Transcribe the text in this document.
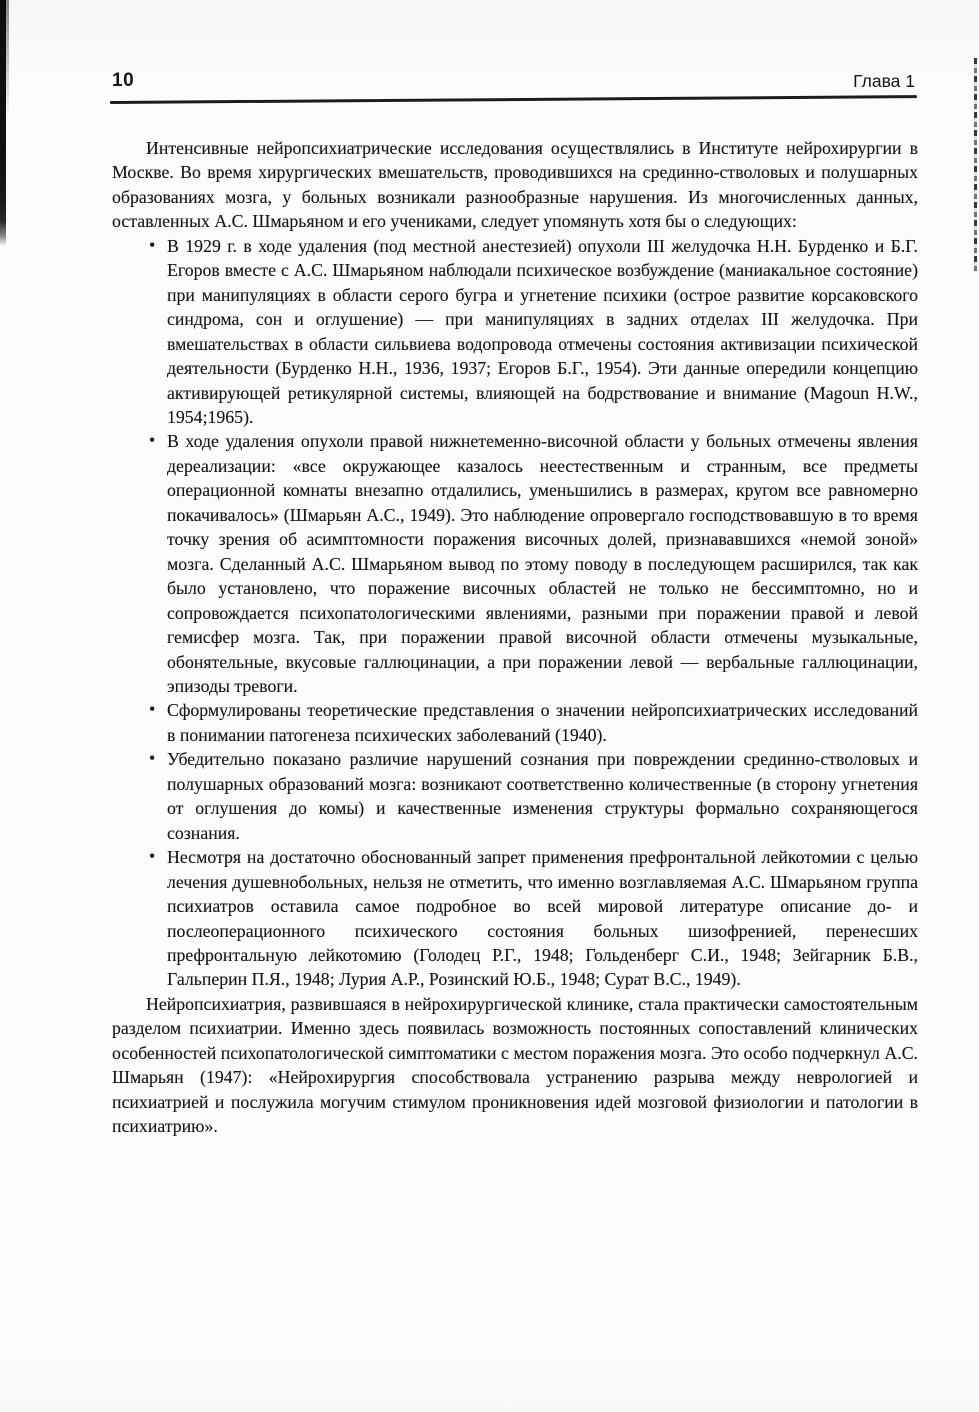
10	Глава 1

Интенсивные нейропсихиатрические исследования осуществлялись в Институте нейрохирургии в Москве. Во время хирургических вмешательств, проводившихся на срединно-стволовых и полушарных образованиях мозга, у больных возникали разнообразные нарушения. Из многочисленных данных, оставленных А.С. Шмарьяном и его учениками, следует упомянуть хотя бы о следующих:

• В 1929 г. в ходе удаления (под местной анестезией) опухоли III желудочка Н.Н. Бурденко и Б.Г. Егоров вместе с А.С. Шмарьяном наблюдали психическое возбуждение (маниакальное состояние) при манипуляциях в области серого бугра и угнетение психики (острое развитие корсаковского синдрома, сон и оглушение) — при манипуляциях в задних отделах III желудочка. При вмешательствах в области сильвиева водопровода отмечены состояния активизации психической деятельности (Бурденко Н.Н., 1936, 1937; Егоров Б.Г., 1954). Эти данные опередили концепцию активирующей ретикулярной системы, влияющей на бодрствование и внимание (Magoun H.W., 1954;1965).
• В ходе удаления опухоли правой нижнетеменно-височной области у больных отмечены явления дереализации: «все окружающее казалось неестественным и странным, все предметы операционной комнаты внезапно отдалились, уменьшились в размерах, кругом все равномерно покачивалось» (Шмарьян А.С., 1949). Это наблюдение опровергало господствовавшую в то время точку зрения об асимптомности поражения височных долей, признававшихся «немой зоной» мозга. Сделанный А.С. Шмарьяном вывод по этому поводу в последующем расширился, так как было установлено, что поражение височных областей не только не бессимптомно, но и сопровождается психопатологическими явлениями, разными при поражении правой и левой гемисфер мозга. Так, при поражении правой височной области отмечены музыкальные, обонятельные, вкусовые галлюцинации, а при поражении левой — вербальные галлюцинации, эпизоды тревоги.
• Сформулированы теоретические представления о значении нейропсихиатрических исследований в понимании патогенеза психических заболеваний (1940).
• Убедительно показано различие нарушений сознания при повреждении срединно-стволовых и полушарных образований мозга: возникают соответственно количественные (в сторону угнетения от оглушения до комы) и качественные изменения структуры формально сохраняющегося сознания.
• Несмотря на достаточно обоснованный запрет применения префронтальной лейкотомии с целью лечения душевнобольных, нельзя не отметить, что именно возглавляемая А.С. Шмарьяном группа психиатров оставила самое подробное во всей мировой литературе описание до- и послеоперационного психического состояния больных шизофренией, перенесших префронтальную лейкотомию (Голодец Р.Г., 1948; Гольденберг С.И., 1948; Зейгарник Б.В., Гальперин П.Я., 1948; Лурия А.Р., Розинский Ю.Б., 1948; Сурат В.С., 1949).

Нейропсихиатрия, развившаяся в нейрохирургической клинике, стала практически самостоятельным разделом психиатрии. Именно здесь появилась возможность постоянных сопоставлений клинических особенностей психопатологической симптоматики с местом поражения мозга. Это особо подчеркнул А.С. Шмарьян (1947): «Нейрохирургия способствовала устранению разрыва между неврологией и психиатрией и послужила могучим стимулом проникновения идей мозговой физиологии и патологии в психиатрию».
